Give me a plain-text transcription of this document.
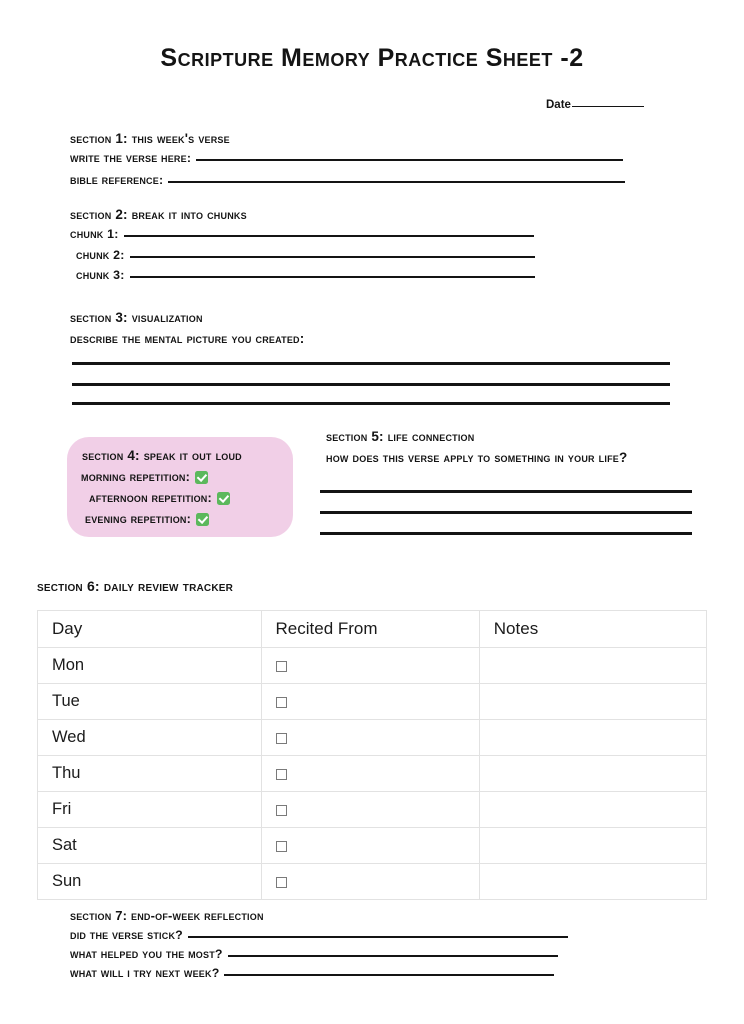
Scripture Memory Practice Sheet -2
Date
section 1: this week's verse
write the verse here:
bible reference:
section 2: break it into chunks
chunk 1:
chunk 2:
chunk 3:
section 3: visualization
describe the mental picture you created:
section 4: speak it out loud
morning repetition:
afternoon repetition:
evening repetition:
section 5: life connection
how does this verse apply to something in your life?
section 6: daily review tracker
Day	Recited From	Notes
Mon		
Tue		
Wed		
Thu		
Fri		
Sat		
Sun		
section 7: end-of-week reflection
did the verse stick?
what helped you the most?
what will i try next week?
